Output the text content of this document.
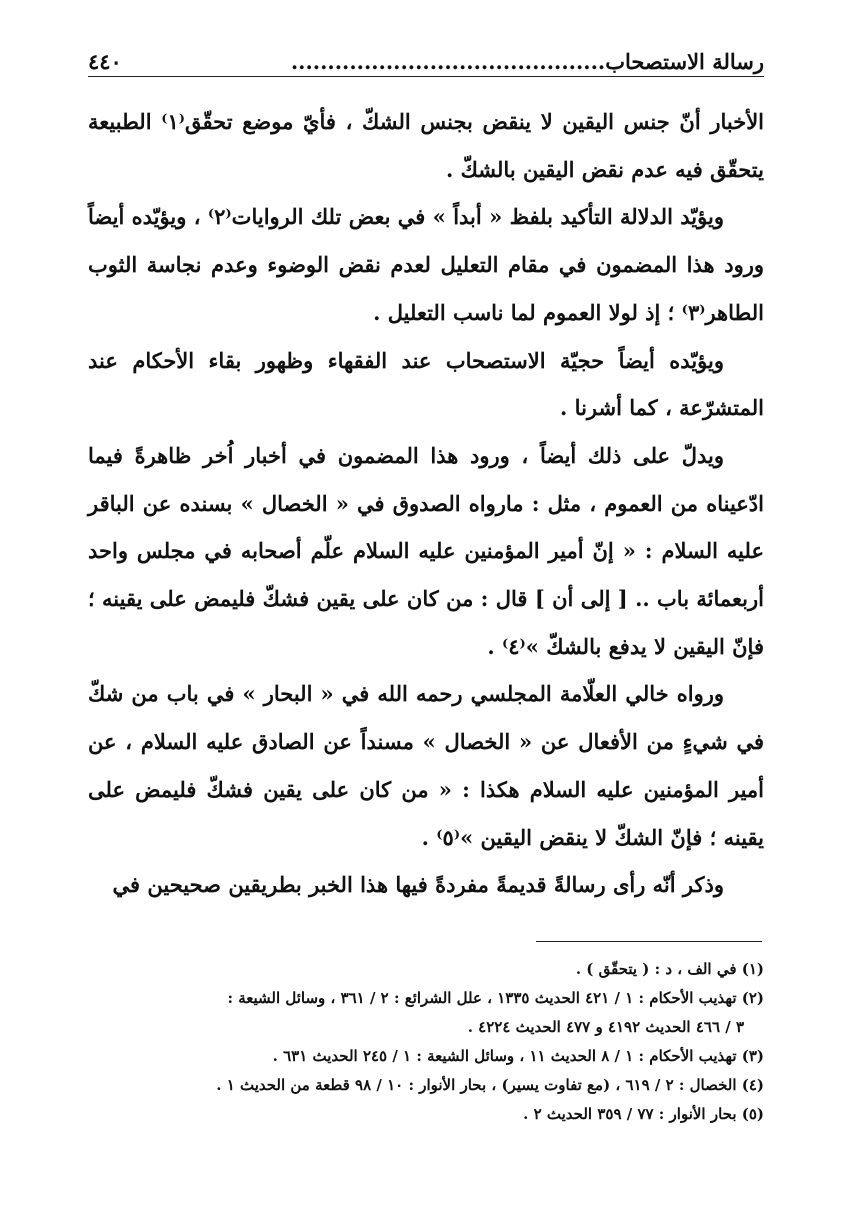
رسالة الاستصحاب...........................................
٤٤٠

الأخبار أنّ جنس اليقين لا ينقض بجنس الشكّ ، فأيّ موضع تحقّق⁽١⁾ الطبيعة يتحقّق فيه عدم نقض اليقين بالشكّ .

ويؤيّد الدلالة التأكيد بلفظ « أبداً » في بعض تلك الروايات⁽٢⁾ ، ويؤيّده أيضاً ورود هذا المضمون في مقام التعليل لعدم نقض الوضوء وعدم نجاسة الثوب الطاهر⁽٣⁾ ؛ إذ لولا العموم لما ناسب التعليل .

ويؤيّده أيضاً حجيّة الاستصحاب عند الفقهاء وظهور بقاء الأحكام عند المتشرّعة ، كما أشرنا .

ويدلّ على ذلك أيضاً ، ورود هذا المضمون في أخبار اُخر ظاهرةً فيما ادّعيناه من العموم ، مثل : مارواه الصدوق في « الخصال » بسنده عن الباقر عليه السلام : « إنّ أمير المؤمنين عليه السلام علّم أصحابه في مجلس واحد أربعمائة باب .. [ إلى أن ] قال : من كان على يقين فشكّ فليمض على يقينه ؛ فإنّ اليقين لا يدفع بالشكّ »⁽٤⁾ .

ورواه خالي العلّامة المجلسي رحمه الله في « البحار » في باب من شكّ في شيءٍ من الأفعال عن « الخصال » مسنداً عن الصادق عليه السلام ، عن أمير المؤمنين عليه السلام هكذا : « من كان على يقين فشكّ فليمض على يقينه ؛ فإنّ الشكّ لا ينقض اليقين »⁽٥⁾ .

وذكر أنّه رأى رسالةً قديمةً مفردةً فيها هذا الخبر بطريقين صحيحين في

(١) في الف ، د : ( يتحقّق ) .

(٢) تهذيب الأحكام : ١ / ٤٢١ الحديث ١٣٣٥ ، علل الشرائع : ٢ / ٣٦١ ، وسائل الشيعة :

٣ / ٤٦٦ الحديث ٤١٩٢ و ٤٧٧ الحديث ٤٢٢٤ .

(٣) تهذيب الأحكام : ١ / ٨ الحديث ١١ ، وسائل الشيعة : ١ / ٢٤٥ الحديث ٦٣١ .

(٤) الخصال : ٢ / ٦١٩ ، (مع تفاوت يسير) ، بحار الأنوار : ١٠ / ٩٨ قطعة من الحديث ١ .

(٥) بحار الأنوار : ٧٧ / ٣٥٩ الحديث ٢ .
